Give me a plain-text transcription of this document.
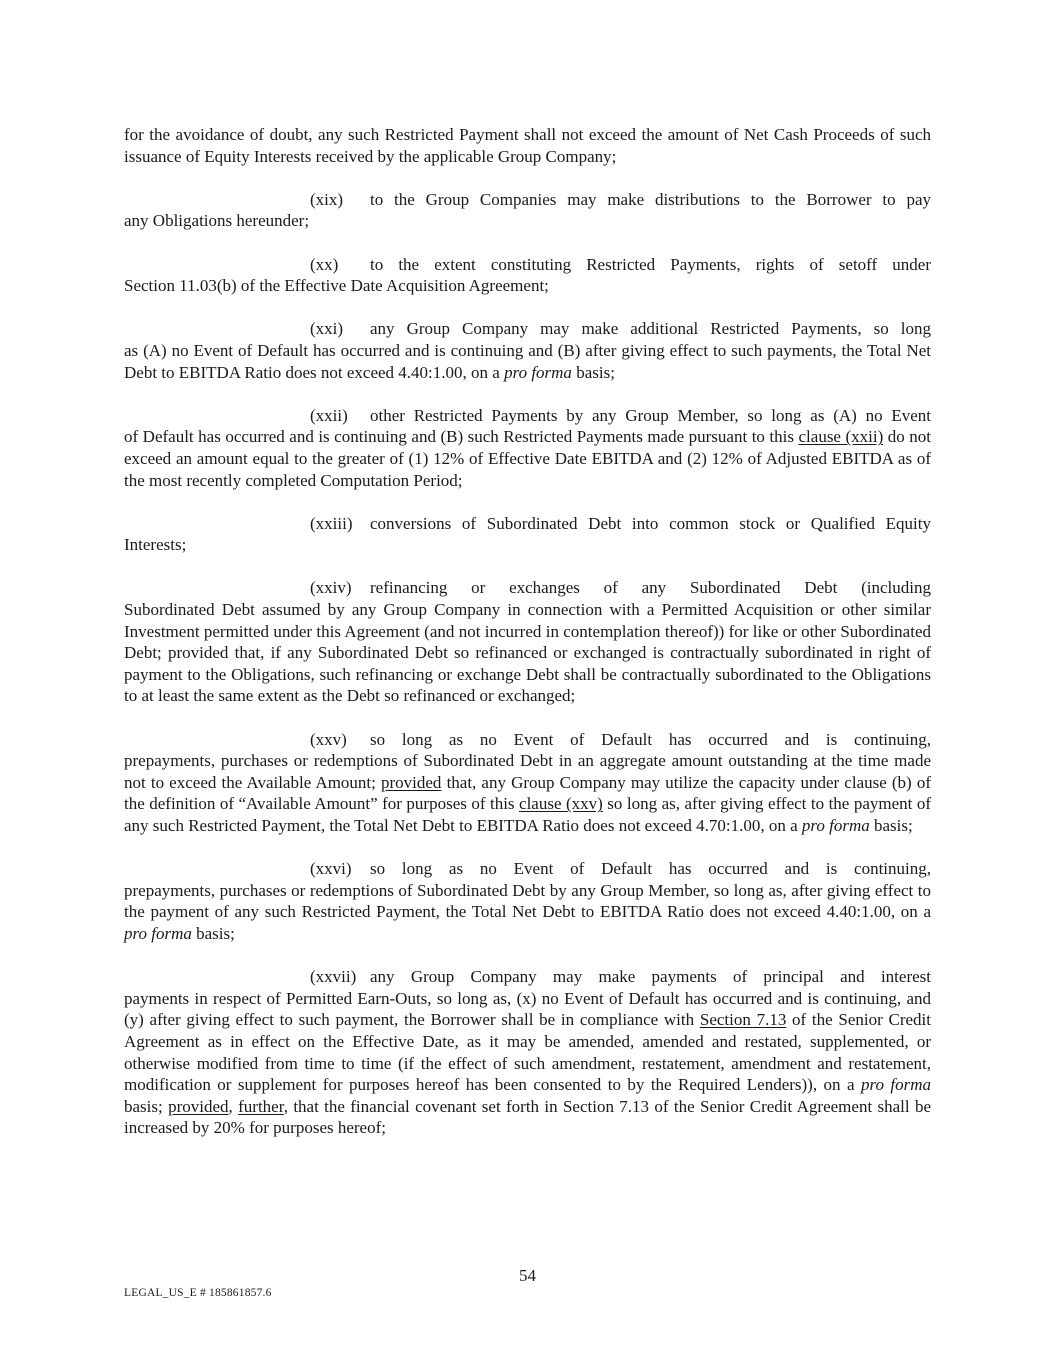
for the avoidance of doubt, any such Restricted Payment shall not exceed the amount of Net Cash Proceeds of such issuance of Equity Interests received by the applicable Group Company;

(xix) to the Group Companies may make distributions to the Borrower to pay
any Obligations hereunder;
(xx) to the extent constituting Restricted Payments, rights of setoff under
Section 11.03(b) of the Effective Date Acquisition Agreement;
(xxi) any Group Company may make additional Restricted Payments, so long
as (A) no Event of Default has occurred and is continuing and (B) after giving effect to such payments, the Total Net Debt to EBITDA Ratio does not exceed 4.40:1.00, on a pro forma basis;
(xxii) other Restricted Payments by any Group Member, so long as (A) no Event
of Default has occurred and is continuing and (B) such Restricted Payments made pursuant to this clause (xxii) do not exceed an amount equal to the greater of (1) 12% of Effective Date EBITDA and (2) 12% of Adjusted EBITDA as of the most recently completed Computation Period;
(xxiii) conversions of Subordinated Debt into common stock or Qualified Equity
Interests;
(xxiv) refinancing or exchanges of any Subordinated Debt (including
Subordinated Debt assumed by any Group Company in connection with a Permitted Acquisition or other similar Investment permitted under this Agreement (and not incurred in contemplation thereof)) for like or other Subordinated Debt; provided that, if any Subordinated Debt so refinanced or exchanged is contractually subordinated in right of payment to the Obligations, such refinancing or exchange Debt shall be contractually subordinated to the Obligations to at least the same extent as the Debt so refinanced or exchanged;
(xxv) so long as no Event of Default has occurred and is continuing,
prepayments, purchases or redemptions of Subordinated Debt in an aggregate amount outstanding at the time made not to exceed the Available Amount; provided that, any Group Company may utilize the capacity under clause (b) of the definition of “Available Amount” for purposes of this clause (xxv) so long as, after giving effect to the payment of any such Restricted Payment, the Total Net Debt to EBITDA Ratio does not exceed 4.70:1.00, on a pro forma basis;
(xxvi) so long as no Event of Default has occurred and is continuing,
prepayments, purchases or redemptions of Subordinated Debt by any Group Member, so long as, after giving effect to the payment of any such Restricted Payment, the Total Net Debt to EBITDA Ratio does not exceed 4.40:1.00, on a pro forma basis;
(xxvii) any Group Company may make payments of principal and interest
payments in respect of Permitted Earn-Outs, so long as, (x) no Event of Default has occurred and is continuing, and (y) after giving effect to such payment, the Borrower shall be in compliance with Section 7.13 of the Senior Credit Agreement as in effect on the Effective Date, as it may be amended, amended and restated, supplemented, or otherwise modified from time to time (if the effect of such amendment, restatement, amendment and restatement, modification or supplement for purposes hereof has been consented to by the Required Lenders)), on a pro forma basis; provided, further, that the financial covenant set forth in Section 7.13 of the Senior Credit Agreement shall be increased by 20% for purposes hereof;
54
LEGAL_US_E # 185861857.6
